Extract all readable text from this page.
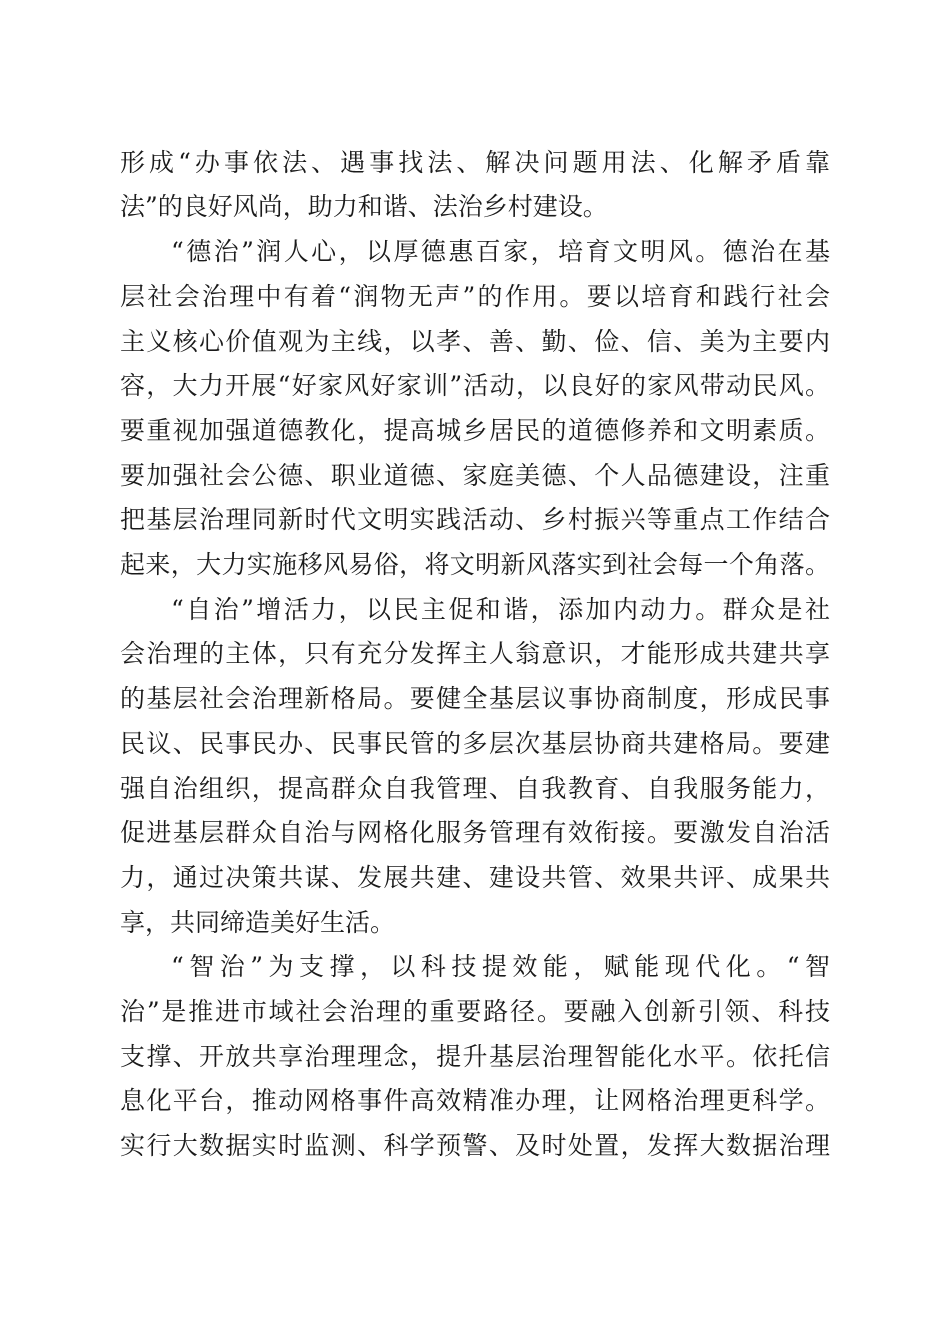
形成“办事依法、遇事找法、解决问题用法、化解矛盾靠
法”的良好风尚，助力和谐、法治乡村建设。
“德治”润人心，以厚德惠百家，培育文明风。德治在基
层社会治理中有着“润物无声”的作用。要以培育和践行社会
主义核心价值观为主线，以孝、善、勤、俭、信、美为主要内
容，大力开展“好家风好家训”活动，以良好的家风带动民风。
要重视加强道德教化，提高城乡居民的道德修养和文明素质。
要加强社会公德、职业道德、家庭美德、个人品德建设，注重
把基层治理同新时代文明实践活动、乡村振兴等重点工作结合
起来，大力实施移风易俗，将文明新风落实到社会每一个角落。
“自治”增活力，以民主促和谐，添加内动力。群众是社
会治理的主体，只有充分发挥主人翁意识，才能形成共建共享
的基层社会治理新格局。要健全基层议事协商制度，形成民事
民议、民事民办、民事民管的多层次基层协商共建格局。要建
强自治组织，提高群众自我管理、自我教育、自我服务能力，
促进基层群众自治与网格化服务管理有效衔接。要激发自治活
力，通过决策共谋、发展共建、建设共管、效果共评、成果共
享，共同缔造美好生活。
“智治”为支撑，以科技提效能，赋能现代化。“智
治”是推进市域社会治理的重要路径。要融入创新引领、科技
支撑、开放共享治理理念，提升基层治理智能化水平。依托信
息化平台，推动网格事件高效精准办理，让网格治理更科学。
实行大数据实时监测、科学预警、及时处置，发挥大数据治理
